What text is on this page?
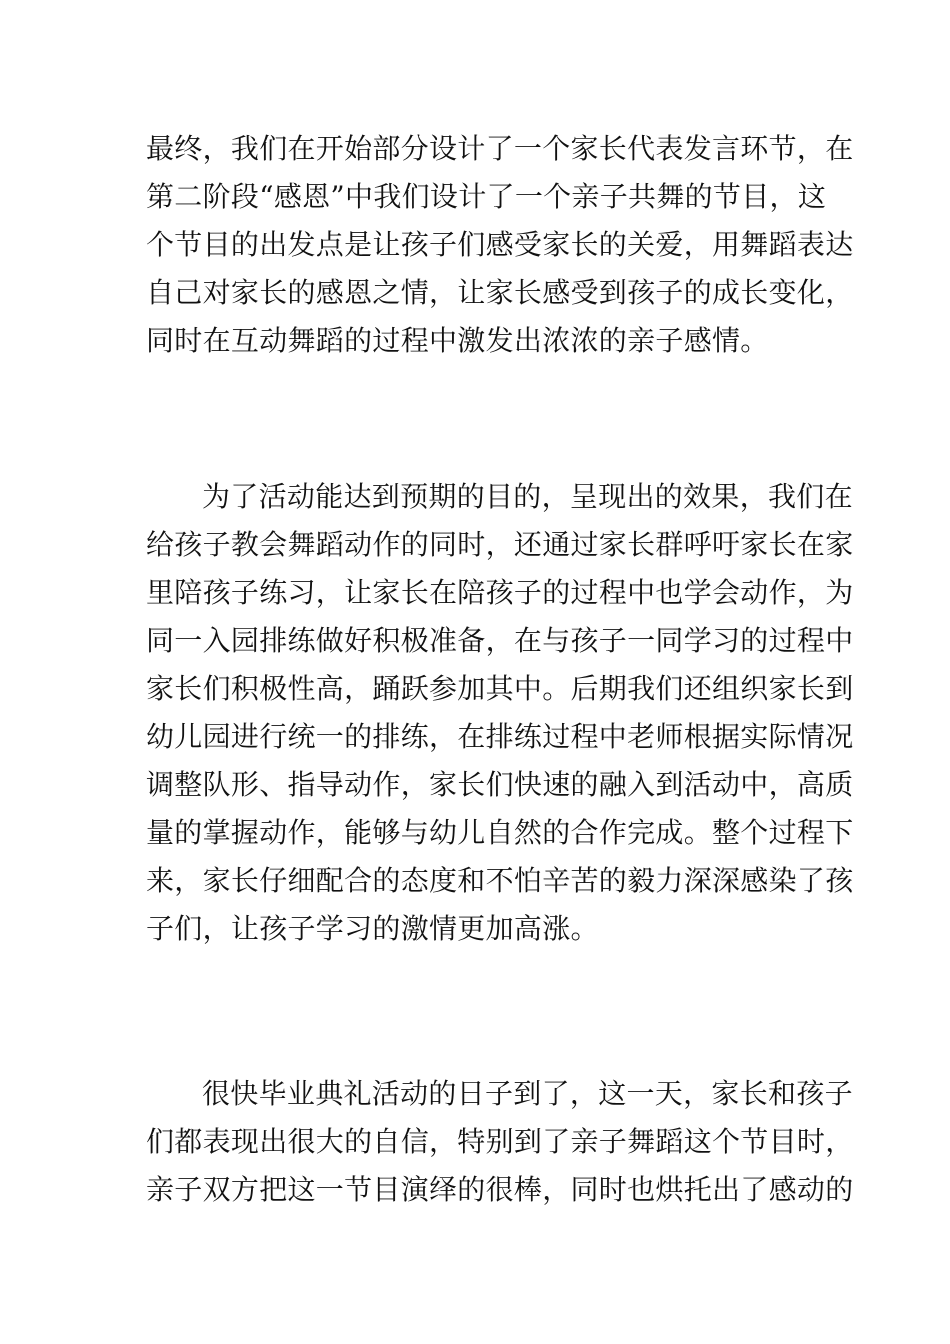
最终，我们在开始部分设计了一个家长代表发言环节，在
第二阶段“感恩”中我们设计了一个亲子共舞的节目，这
个节目的出发点是让孩子们感受家长的关爱，用舞蹈表达
自己对家长的感恩之情，让家长感受到孩子的成长变化，
同时在互动舞蹈的过程中激发出浓浓的亲子感情。
为了活动能达到预期的目的，呈现出的效果，我们在
给孩子教会舞蹈动作的同时，还通过家长群呼吁家长在家
里陪孩子练习，让家长在陪孩子的过程中也学会动作，为
同一入园排练做好积极准备，在与孩子一同学习的过程中
家长们积极性高，踊跃参加其中。后期我们还组织家长到
幼儿园进行统一的排练，在排练过程中老师根据实际情况
调整队形、指导动作，家长们快速的融入到活动中，高质
量的掌握动作，能够与幼儿自然的合作完成。整个过程下
来，家长仔细配合的态度和不怕辛苦的毅力深深感染了孩
子们，让孩子学习的激情更加高涨。
很快毕业典礼活动的日子到了，这一天，家长和孩子
们都表现出很大的自信，特别到了亲子舞蹈这个节目时，
亲子双方把这一节目演绎的很棒，同时也烘托出了感动的
